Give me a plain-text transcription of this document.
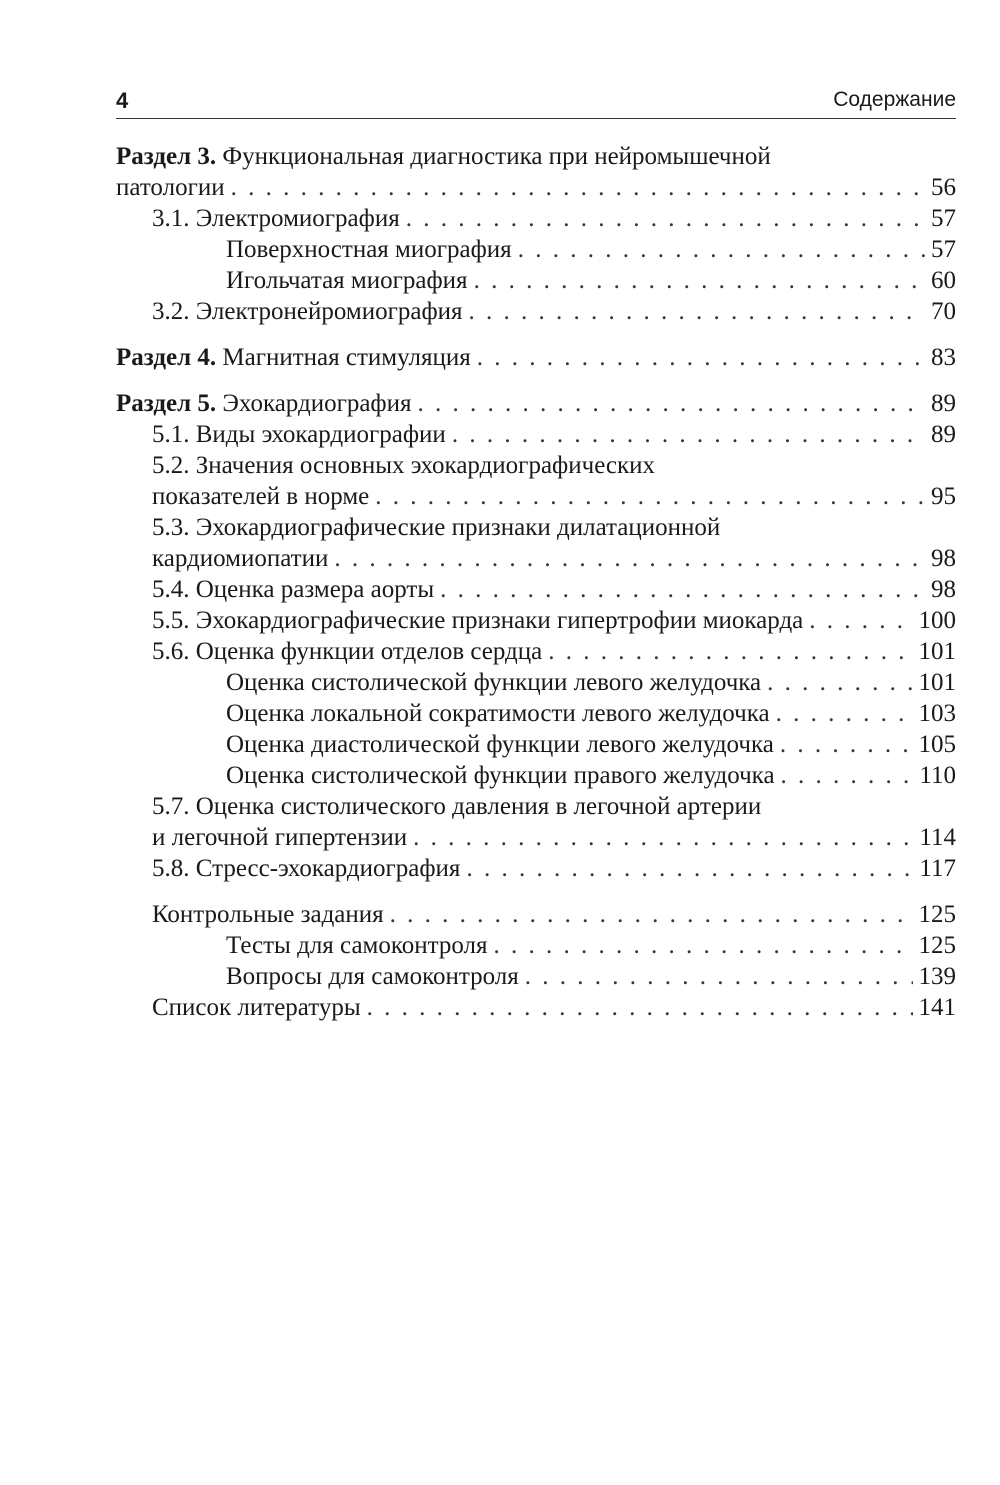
4	Содержание
Раздел 3. Функциональная диагностика при нейромышечной
патологии . . .	56
3.1. Электромиография . . .	57
Поверхностная миография . . .	57
Игольчатая миография . . .	60
3.2. Электронейромиография . . .	70
Раздел 4. Магнитная стимуляция . . .	83
Раздел 5. Эхокардиография . . .	89
5.1. Виды эхокардиографии . . .	89
5.2. Значения основных эхокардиографических
показателей в норме . . .	95
5.3. Эхокардиографические признаки дилатационной
кардиомиопатии . . .	98
5.4. Оценка размера аорты . . .	98
5.5. Эхокардиографические признаки гипертрофии миокарда . . .	100
5.6. Оценка функции отделов сердца . . .	101
Оценка систолической функции левого желудочка . . .	101
Оценка локальной сократимости левого желудочка . . .	103
Оценка диастолической функции левого желудочка . . .	105
Оценка систолической функции правого желудочка . . .	110
5.7. Оценка систолического давления в легочной артерии
и легочной гипертензии . . .	114
5.8. Стресс-эхокардиография . . .	117
Контрольные задания . . .	125
Тесты для самоконтроля . . .	125
Вопросы для самоконтроля . . .	139
Список литературы . . .	141
